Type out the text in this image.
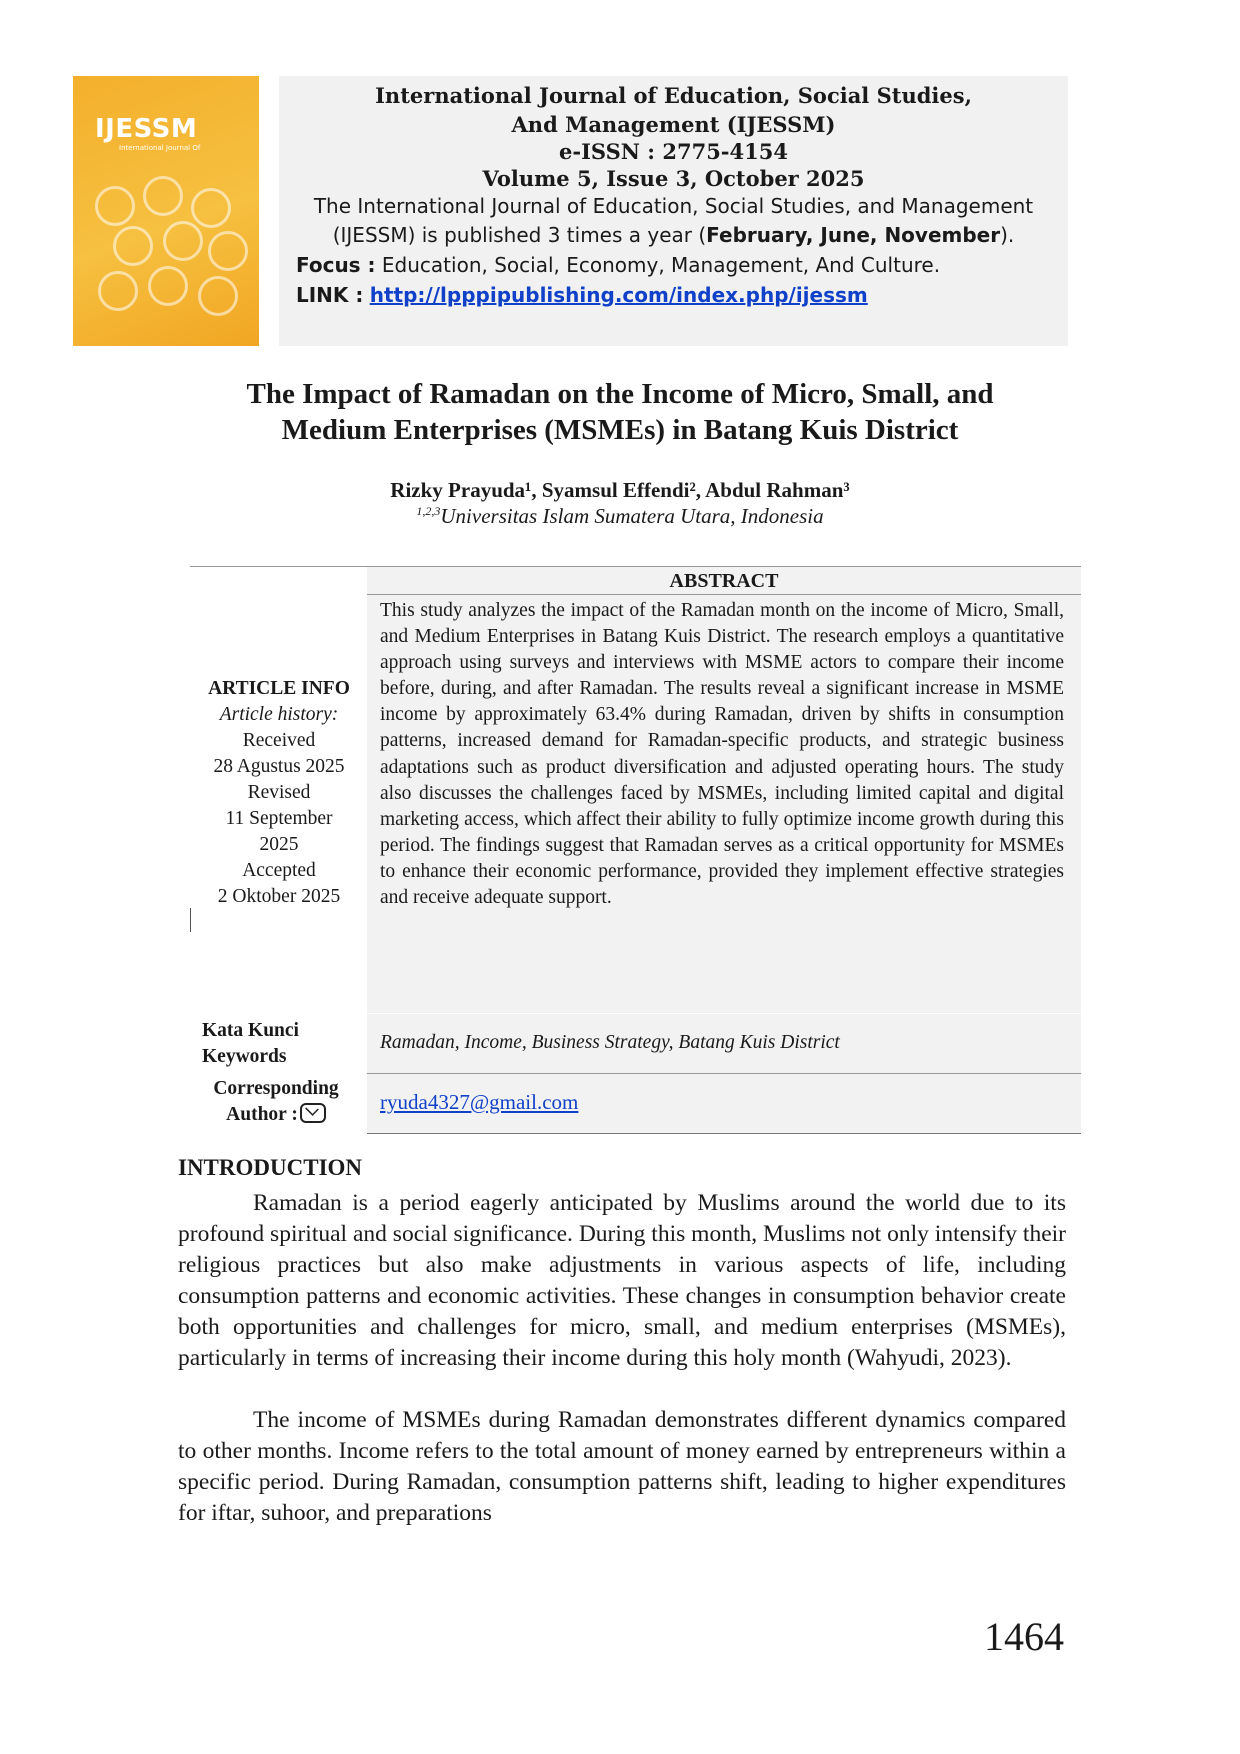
IJESSM
International Journal Of
International Journal of Education, Social Studies,
And Management (IJESSM)
e-ISSN : 2775-4154
Volume 5, Issue 3, October 2025
The International Journal of Education, Social Studies, and Management
(IJESSM) is published 3 times a year (February, June, November).
Focus : Education, Social, Economy, Management, And Culture.
LINK : http://lpppipublishing.com/index.php/ijessm
The Impact of Ramadan on the Income of Micro, Small, and
Medium Enterprises (MSMEs) in Batang Kuis District
Rizky Prayuda¹, Syamsul Effendi², Abdul Rahman³
$^{1,2,3}$Universitas Islam Sumatera Utara, Indonesia
ABSTRACT
This study analyzes the impact of the Ramadan month on the income of Micro, Small, and Medium Enterprises in Batang Kuis District. The research employs a quantitative approach using surveys and interviews with MSME actors to compare their income before, during, and after Ramadan. The results reveal a significant increase in MSME income by approximately 63.4% during Ramadan, driven by shifts in consumption patterns, increased demand for Ramadan-specific products, and strategic business adaptations such as product diversification and adjusted operating hours. The study also discusses the challenges faced by MSMEs, including limited capital and digital marketing access, which affect their ability to fully optimize income growth during this period. The findings suggest that Ramadan serves as a critical opportunity for MSMEs to enhance their economic performance, provided they implement effective strategies and receive adequate support.
ARTICLE INFO
Article history:
Received
28 Agustus 2025
Revised
11 September
2025
Accepted
2 Oktober 2025
Kata Kunci
Keywords
Ramadan, Income, Business Strategy, Batang Kuis District
Corresponding
Author :
ryuda4327@gmail.com
INTRODUCTION

Ramadan is a period eagerly anticipated by Muslims around the world due to its profound spiritual and social significance. During this month, Muslims not only intensify their religious practices but also make adjustments in various aspects of life, including consumption patterns and economic activities. These changes in consumption behavior create both opportunities and challenges for micro, small, and medium enterprises (MSMEs), particularly in terms of increasing their income during this holy month (Wahyudi, 2023).

The income of MSMEs during Ramadan demonstrates different dynamics compared to other months. Income refers to the total amount of money earned by entrepreneurs within a specific period. During Ramadan, consumption patterns shift, leading to higher expenditures for iftar, suhoor, and preparations

1464
